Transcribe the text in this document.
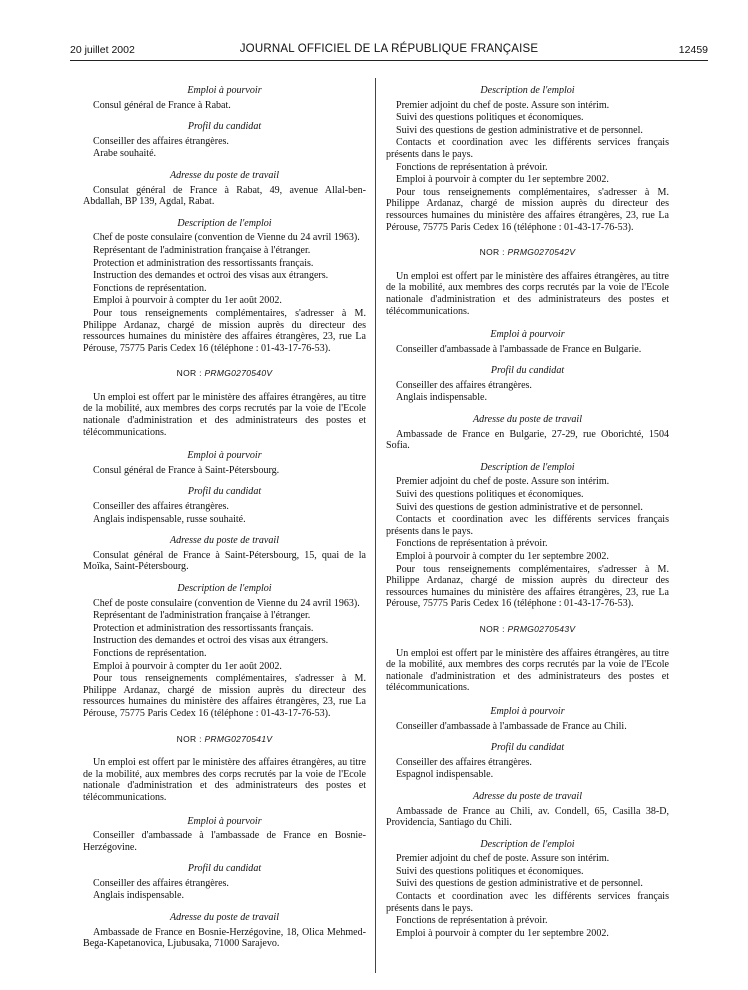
20 juillet 2002	JOURNAL OFFICIEL DE LA RÉPUBLIQUE FRANÇAISE	12459
Emploi à pourvoir

Consul général de France à Rabat.

Profil du candidat

Conseiller des affaires étrangères.

Arabe souhaité.

Adresse du poste de travail

Consulat général de France à Rabat, 49, avenue Allal-ben-Abdallah, BP 139, Agdal, Rabat.

Description de l'emploi

Chef de poste consulaire (convention de Vienne du 24 avril 1963).

Représentant de l'administration française à l'étranger.

Protection et administration des ressortissants français.

Instruction des demandes et octroi des visas aux étrangers.

Fonctions de représentation.

Emploi à pourvoir à compter du 1er août 2002.

Pour tous renseignements complémentaires, s'adresser à M. Philippe Ardanaz, chargé de mission auprès du directeur des ressources humaines du ministère des affaires étrangères, 23, rue La Pérouse, 75775 Paris Cedex 16 (téléphone : 01-43-17-76-53).

NOR : PRMG0270540V

Un emploi est offert par le ministère des affaires étrangères, au titre de la mobilité, aux membres des corps recrutés par la voie de l'Ecole nationale d'administration et des administrateurs des postes et télécommunications.

Emploi à pourvoir

Consul général de France à Saint-Pétersbourg.

Profil du candidat

Conseiller des affaires étrangères.

Anglais indispensable, russe souhaité.

Adresse du poste de travail

Consulat général de France à Saint-Pétersbourg, 15, quai de la Moïka, Saint-Pétersbourg.

Description de l'emploi

Chef de poste consulaire (convention de Vienne du 24 avril 1963).

Représentant de l'administration française à l'étranger.

Protection et administration des ressortissants français.

Instruction des demandes et octroi des visas aux étrangers.

Fonctions de représentation.

Emploi à pourvoir à compter du 1er août 2002.

Pour tous renseignements complémentaires, s'adresser à M. Philippe Ardanaz, chargé de mission auprès du directeur des ressources humaines du ministère des affaires étrangères, 23, rue La Pérouse, 75775 Paris Cedex 16 (téléphone : 01-43-17-76-53).

NOR : PRMG0270541V

Un emploi est offert par le ministère des affaires étrangères, au titre de la mobilité, aux membres des corps recrutés par la voie de l'Ecole nationale d'administration et des administrateurs des postes et télécommunications.

Emploi à pourvoir

Conseiller d'ambassade à l'ambassade de France en Bosnie-Herzégovine.

Profil du candidat

Conseiller des affaires étrangères.

Anglais indispensable.

Adresse du poste de travail

Ambassade de France en Bosnie-Herzégovine, 18, Olica Mehmed-Bega-Kapetanovica, Ljubusaka, 71000 Sarajevo.

Description de l'emploi

Premier adjoint du chef de poste. Assure son intérim.

Suivi des questions politiques et économiques.

Suivi des questions de gestion administrative et de personnel.

Contacts et coordination avec les différents services français présents dans le pays.

Fonctions de représentation à prévoir.

Emploi à pourvoir à compter du 1er septembre 2002.

Pour tous renseignements complémentaires, s'adresser à M. Philippe Ardanaz, chargé de mission auprès du directeur des ressources humaines du ministère des affaires étrangères, 23, rue La Pérouse, 75775 Paris Cedex 16 (téléphone : 01-43-17-76-53).

NOR : PRMG0270542V

Un emploi est offert par le ministère des affaires étrangères, au titre de la mobilité, aux membres des corps recrutés par la voie de l'Ecole nationale d'administration et des administrateurs des postes et télécommunications.

Emploi à pourvoir

Conseiller d'ambassade à l'ambassade de France en Bulgarie.

Profil du candidat

Conseiller des affaires étrangères.

Anglais indispensable.

Adresse du poste de travail

Ambassade de France en Bulgarie, 27-29, rue Oborichté, 1504 Sofia.

Description de l'emploi

Premier adjoint du chef de poste. Assure son intérim.

Suivi des questions politiques et économiques.

Suivi des questions de gestion administrative et de personnel.

Contacts et coordination avec les différents services français présents dans le pays.

Fonctions de représentation à prévoir.

Emploi à pourvoir à compter du 1er septembre 2002.

Pour tous renseignements complémentaires, s'adresser à M. Philippe Ardanaz, chargé de mission auprès du directeur des ressources humaines du ministère des affaires étrangères, 23, rue La Pérouse, 75775 Paris Cedex 16 (téléphone : 01-43-17-76-53).

NOR : PRMG0270543V

Un emploi est offert par le ministère des affaires étrangères, au titre de la mobilité, aux membres des corps recrutés par la voie de l'Ecole nationale d'administration et des administrateurs des postes et télécommunications.

Emploi à pourvoir

Conseiller d'ambassade à l'ambassade de France au Chili.

Profil du candidat

Conseiller des affaires étrangères.

Espagnol indispensable.

Adresse du poste de travail

Ambassade de France au Chili, av. Condell, 65, Casilla 38-D, Providencia, Santiago du Chili.

Description de l'emploi

Premier adjoint du chef de poste. Assure son intérim.

Suivi des questions politiques et économiques.

Suivi des questions de gestion administrative et de personnel.

Contacts et coordination avec les différents services français présents dans le pays.

Fonctions de représentation à prévoir.

Emploi à pourvoir à compter du 1er septembre 2002.
